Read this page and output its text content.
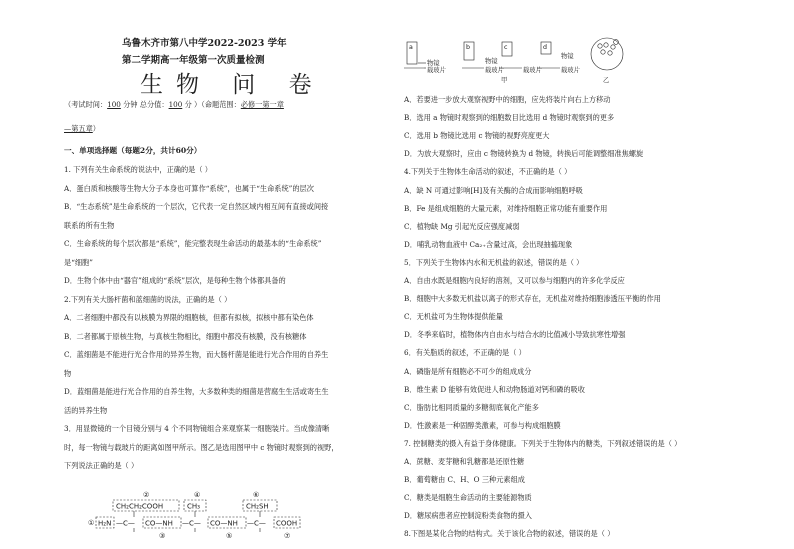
乌鲁木齐市第八中学2022-2023 学年
第二学期高一年级第一次质量检测
生物 问 卷
（考试时间：100 分钟 总分值：100 分 ）（命题范围：必修一第一章
—第五章）
一、单项选择题（每题2分，共计60分）
1. 下列有关生命系统的说法中，正确的是（ ）
A．蛋白质和核酸等生物大分子本身也可算作“系统”，也属于“生命系统”的层次
B．“生态系统”是生命系统的一个层次，它代表一定自然区域内相互间有直接或间接
联系的所有生物
C．生命系统的每个层次都是“系统”，能完整表现生命活动的最基本的“生命系统”
是“细胞”
D．生物个体中由“器官”组成的“系统”层次，是每种生物个体都具备的
2.下列有关大肠杆菌和蓝细菌的说法，正确的是（ ）
A．二者细胞中都没有以核膜为界限的细胞核，但都有拟核，拟核中都有染色体
B．二者都属于原核生物，与真核生物相比，细胞中都没有核膜，没有核糖体
C．蓝细菌是不能进行光合作用的异养生物，而大肠杆菌是能进行光合作用的自养生
物
D．蓝细菌是能进行光合作用的自养生物，大多数种类的细菌是营腐生生活或寄生生
活的异养生物
3．用显微镜的一个目镜分别与 4 个不同物镜组合来观察某一细胞装片。当成像清晰
时，每一物镜与载玻片的距离如图甲所示。图乙是选用图甲中 c 物镜时观察到的视野，
下列说法正确的是（ ）
②	④	⑥
CH₂CH₂COOH	CH₃	CH₂SH
① H₂N —C— CO—NH —C— CO—NH —C— COOH
③	⑤	⑦
a
物镜
载玻片
b
物镜
载玻片
c
载玻片
d
物镜
载玻片
甲	乙
A．若要进一步放大观察视野中的细胞，应先将装片向右上方移动
B．选用 a 物镜时观察到的细胞数目比选用 d 物镜时观察到的更多
C．选用 b 物镜比选用 c 物镜的视野亮度更大
D．为放大观察时，应由 c 物镜转换为 d 物镜，转换后可能调整细准焦螺旋
4.下列关于生物体生命活动的叙述，不正确的是（ ）
A．缺 N 可通过影响[H]及有关酶的合成而影响细胞呼吸
B．Fe 是组成细胞的大量元素，对维持细胞正常功能有重要作用
C．植物缺 Mg 引起光反应强度减弱
D．哺乳动物血液中 Ca₂₊含量过高，会出现抽搐现象
5．下列关于生物体内水和无机盐的叙述，错误的是（ ）
A．自由水既是细胞内良好的溶剂，又可以参与细胞内的许多化学反应
B．细胞中大多数无机盐以离子的形式存在，无机盐对维持细胞渗透压平衡的作用
C．无机盐可为生物体提供能量
D．冬季来临时，植物体内自由水与结合水的比值减小导致抗寒性增强
6．有关脂质的叙述，不正确的是（ ）
A．磷脂是所有细胞必不可少的组成成分
B．维生素 D 能够有效促进人和动物肠道对钙和磷的吸收
C．脂肪比相同质量的多糖彻底氧化产能多
D．性激素是一种固醇类激素，可参与构成细胞膜
7. 控制糖类的摄入有益于身体健康。下列关于生物体内的糖类，下列叙述错误的是（ ）
A．蔗糖、麦芽糖和乳糖都是还原性糖
B．葡萄糖由 C、H、O 三种元素组成
C．糖类是细胞生命活动的主要能源物质
D．糖尿病患者应控制淀粉类食物的摄入
8.下图是某化合物的结构式。关于该化合物的叙述，错误的是（ ）
